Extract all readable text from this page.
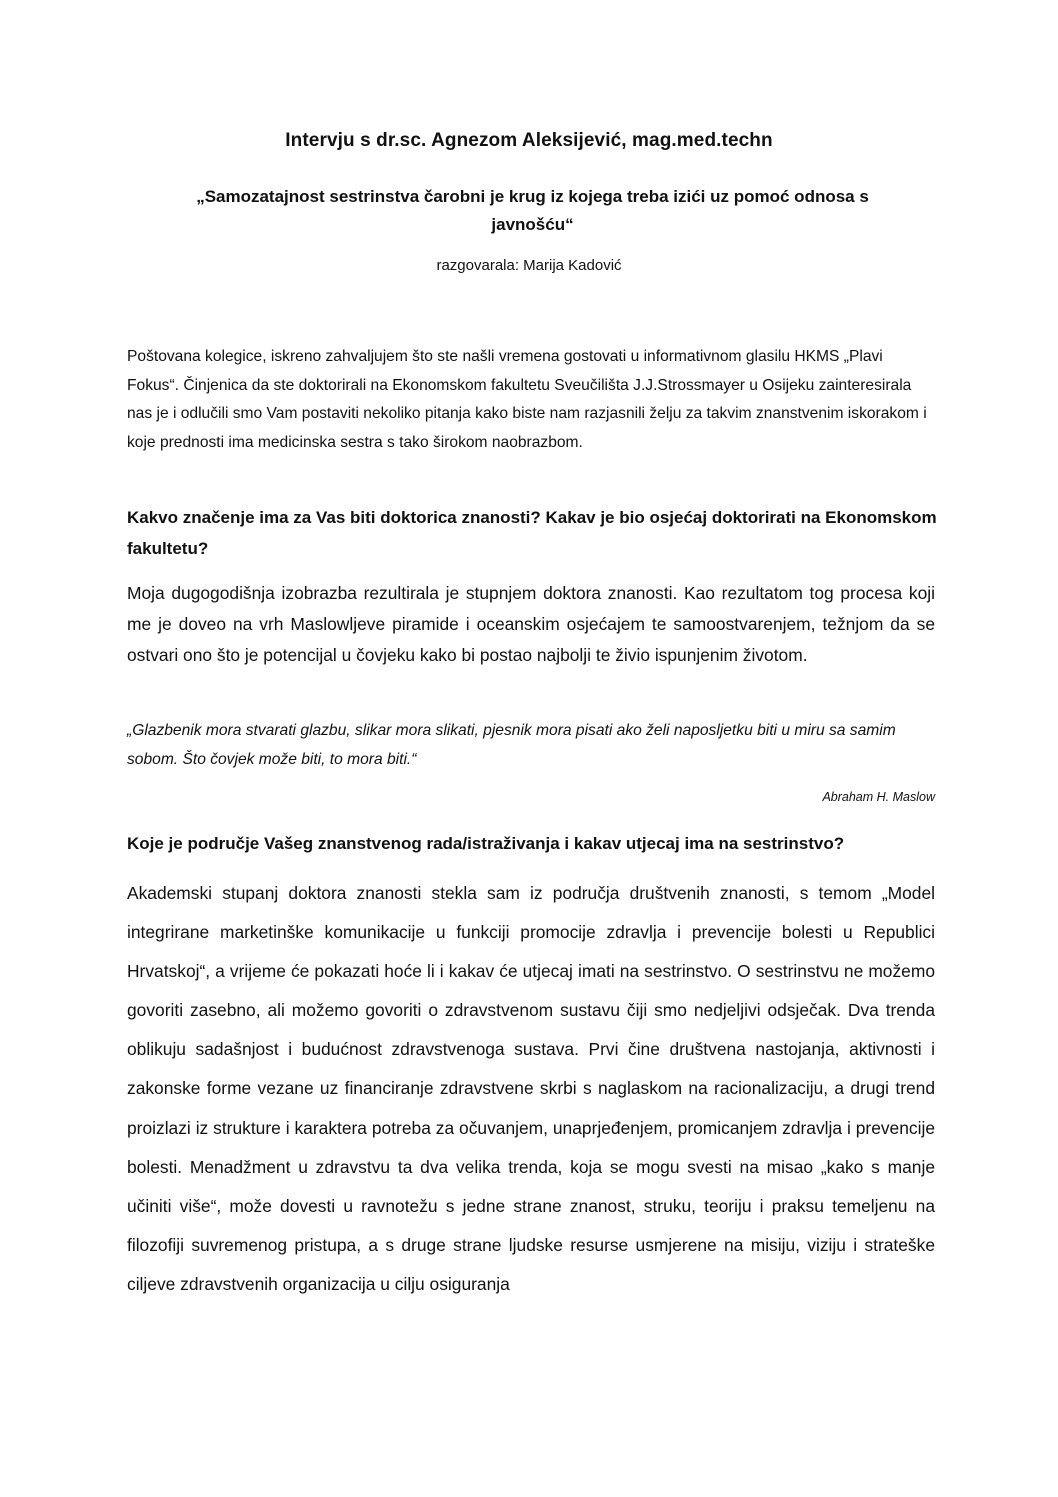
Intervju s dr.sc. Agnezom Aleksijević, mag.med.techn
„Samozatajnost sestrinstva čarobni je krug iz kojega treba izići uz pomoć odnosa s javnošću“
razgovarala: Marija Kadović
Poštovana kolegice, iskreno zahvaljujem što ste našli vremena gostovati u informativnom glasilu HKMS „Plavi Fokus“. Činjenica da ste doktorirali na Ekonomskom fakultetu Sveučilišta J.J.Strossmayer u Osijeku zainteresirala nas je i odlučili smo Vam postaviti nekoliko pitanja kako biste nam razjasnili želju za takvim znanstvenim iskorakom i koje prednosti ima medicinska sestra s tako širokom naobrazbom.
Kakvo značenje ima za Vas biti doktorica znanosti? Kakav je bio osjećaj doktorirati na Ekonomskom fakultetu?
Moja dugogodišnja izobrazba rezultirala je stupnjem doktora znanosti. Kao rezultatom tog procesa koji me je doveo na vrh Maslowljeve piramide i oceanskim osjećajem te samoostvarenjem, težnjom da se ostvari ono što je potencijal u čovjeku kako bi postao najbolji te živio ispunjenim životom.
„Glazbenik mora stvarati glazbu, slikar mora slikati, pjesnik mora pisati ako želi naposljetku biti u miru sa samim sobom. Što čovjek može biti, to mora biti.“
Abraham H. Maslow
Koje je područje Vašeg znanstvenog rada/istraživanja i kakav utjecaj ima na sestrinstvo?
Akademski stupanj doktora znanosti stekla sam iz područja društvenih znanosti, s temom „Model integrirane marketinške komunikacije u funkciji promocije zdravlja i prevencije bolesti u Republici Hrvatskoj“, a vrijeme će pokazati hoće li i kakav će utjecaj imati na sestrinstvo. O sestrinstvu ne možemo govoriti zasebno, ali možemo govoriti o zdravstvenom sustavu čiji smo nedjeljivi odsječak. Dva trenda oblikuju sadašnjost i budućnost zdravstvenoga sustava. Prvi čine društvena nastojanja, aktivnosti i zakonske forme vezane uz financiranje zdravstvene skrbi s naglaskom na racionalizaciju, a drugi trend proizlazi iz strukture i karaktera potreba za očuvanjem, unaprjeđenjem, promicanjem zdravlja i prevencije bolesti. Menadžment u zdravstvu ta dva velika trenda, koja se mogu svesti na misao „kako s manje učiniti više“, može dovesti u ravnotežu s jedne strane znanost, struku, teoriju i praksu temeljenu na filozofiji suvremenog pristupa, a s druge strane ljudske resurse usmjerene na misiju, viziju i strateške ciljeve zdravstvenih organizacija u cilju osiguranja
